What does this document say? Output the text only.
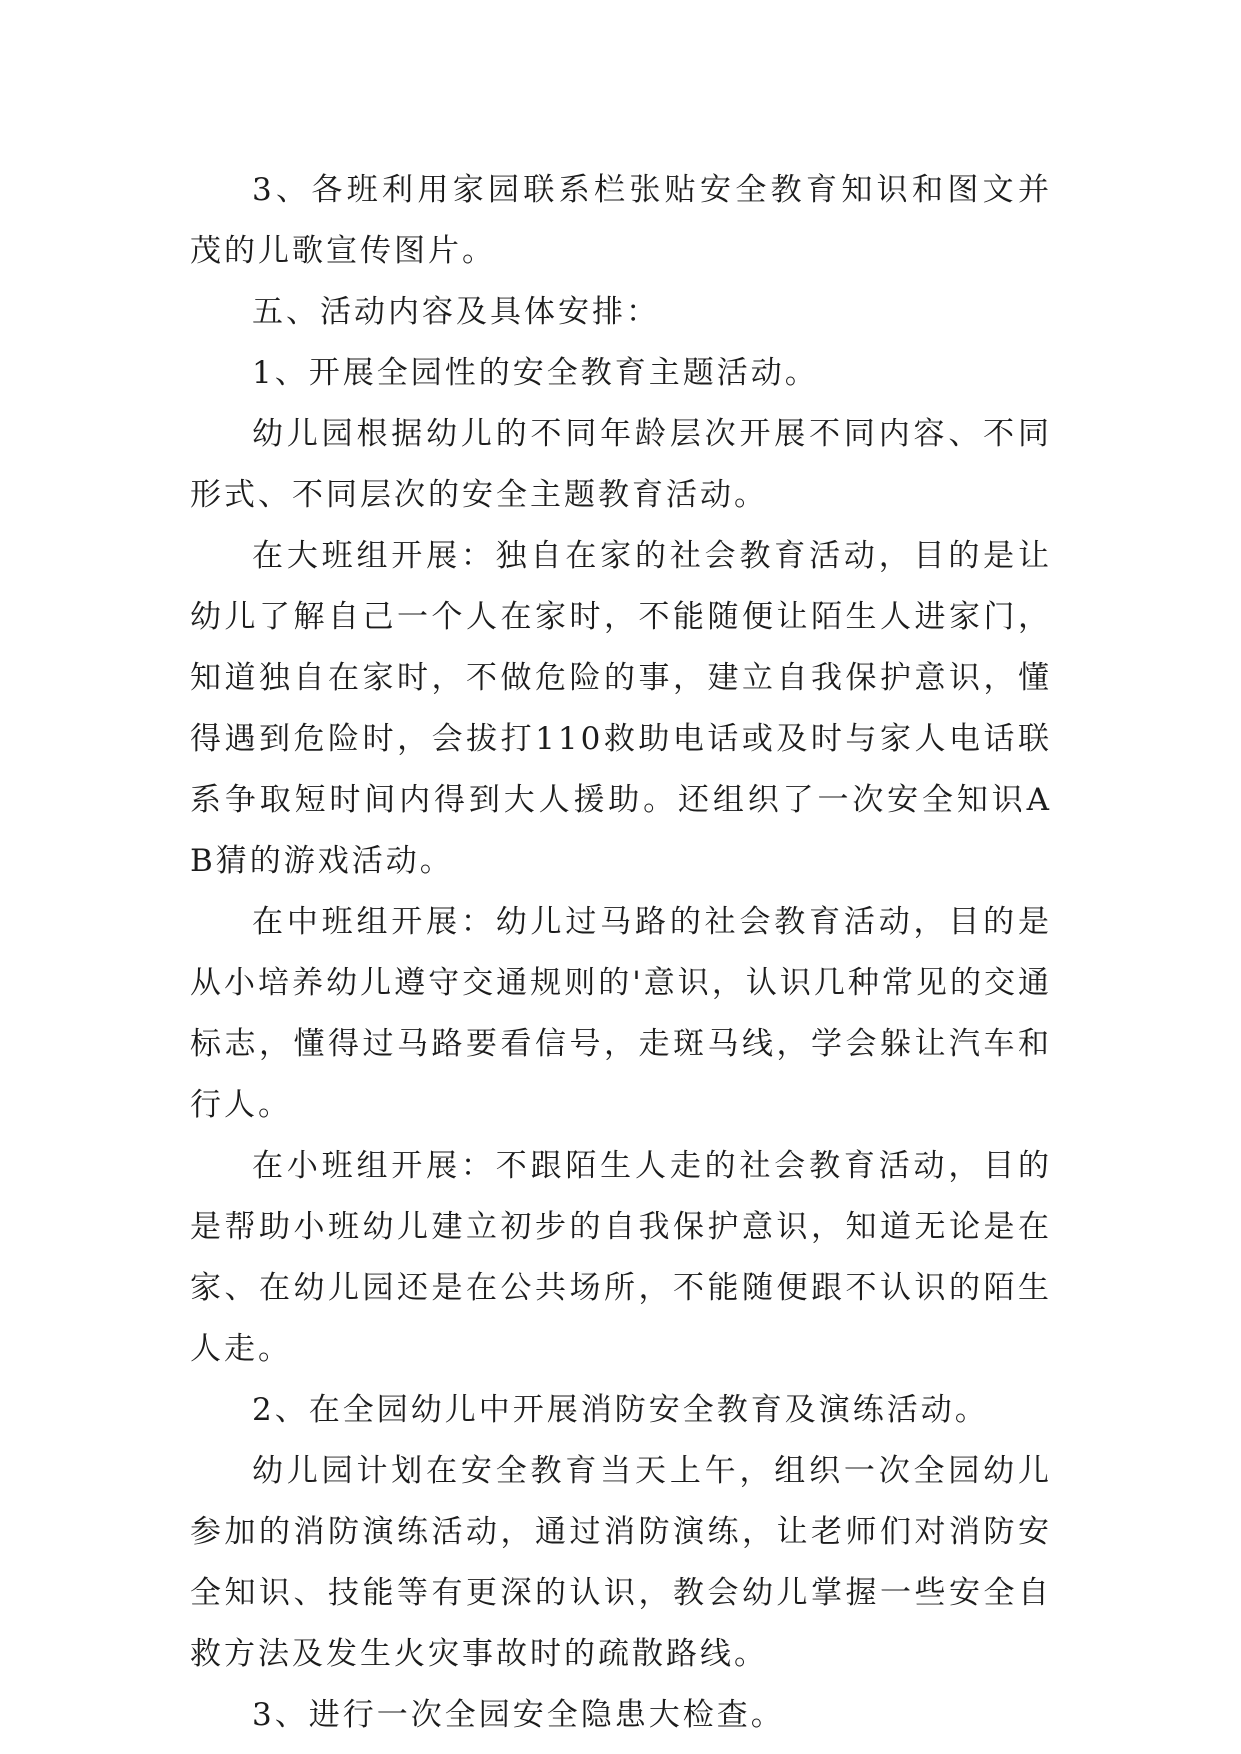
3、各班利用家园联系栏张贴安全教育知识和图文并茂的儿歌宣传图片。

五、活动内容及具体安排：

1、开展全园性的安全教育主题活动。

幼儿园根据幼儿的不同年龄层次开展不同内容、不同形式、不同层次的安全主题教育活动。

在大班组开展：独自在家的社会教育活动，目的是让幼儿了解自己一个人在家时，不能随便让陌生人进家门，知道独自在家时，不做危险的事，建立自我保护意识，懂得遇到危险时，会拔打110救助电话或及时与家人电话联系争取短时间内得到大人援助。还组织了一次安全知识AB猜的游戏活动。

在中班组开展：幼儿过马路的社会教育活动，目的是从小培养幼儿遵守交通规则的'意识，认识几种常见的交通标志，懂得过马路要看信号，走斑马线，学会躲让汽车和行人。

在小班组开展：不跟陌生人走的社会教育活动，目的是帮助小班幼儿建立初步的自我保护意识，知道无论是在家、在幼儿园还是在公共场所，不能随便跟不认识的陌生人走。

2、在全园幼儿中开展消防安全教育及演练活动。

幼儿园计划在安全教育当天上午，组织一次全园幼儿参加的消防演练活动，通过消防演练，让老师们对消防安全知识、技能等有更深的认识，教会幼儿掌握一些安全自救方法及发生火灾事故时的疏散路线。

3、进行一次全园安全隐患大检查。
